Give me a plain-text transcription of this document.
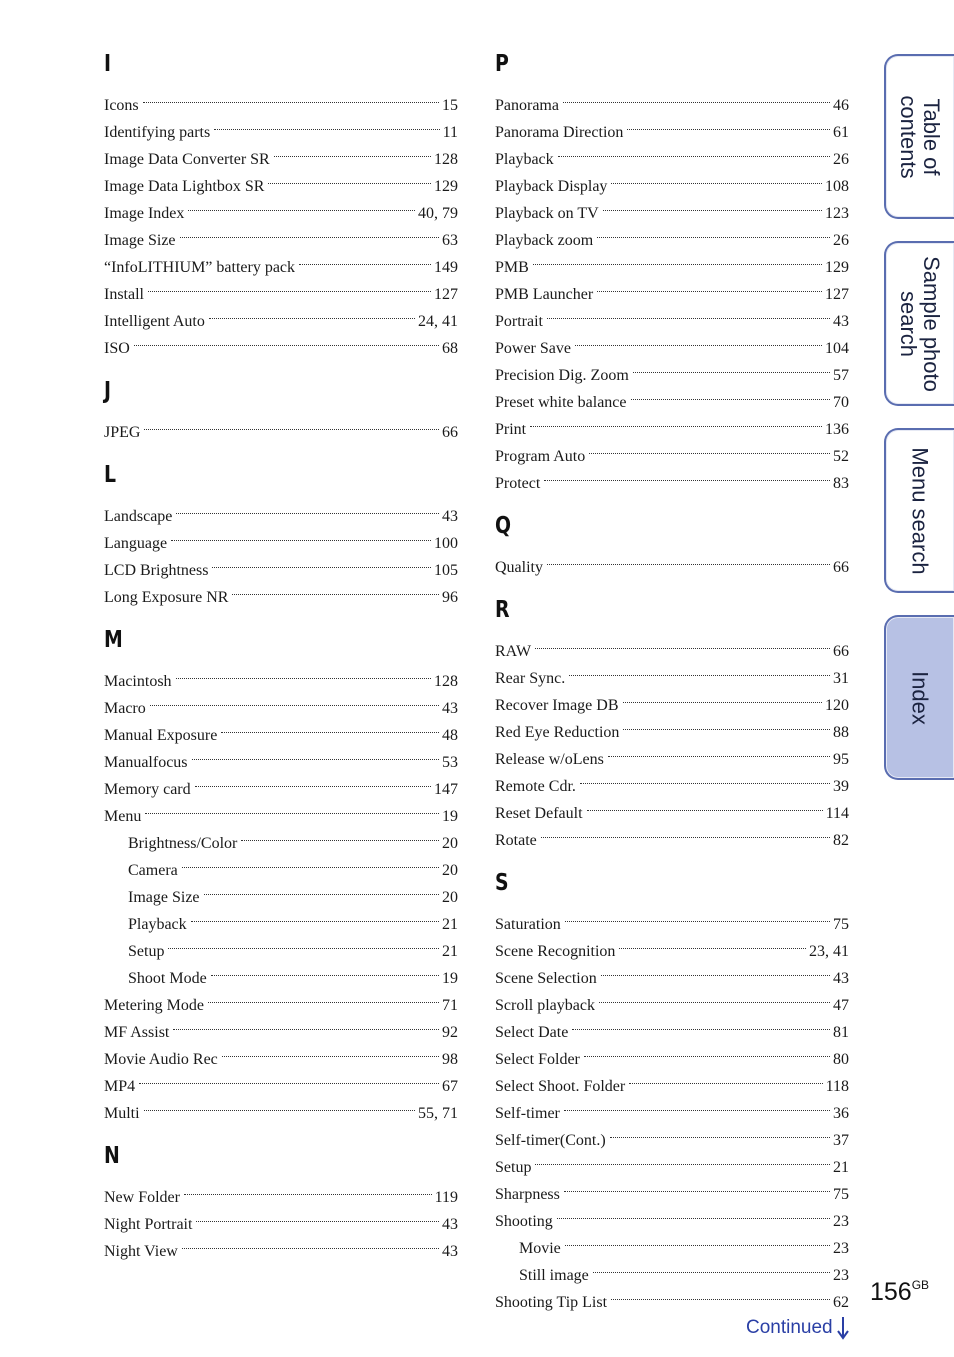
I
Icons	15
Identifying parts	11
Image Data Converter SR	128
Image Data Lightbox SR	129
Image Index	40, 79
Image Size	63
“InfoLITHIUM” battery pack	149
Install	127
Intelligent Auto	24, 41
ISO	68
J
JPEG	66
L
Landscape	43
Language	100
LCD Brightness	105
Long Exposure NR	96
M
Macintosh	128
Macro	43
Manual Exposure	48
Manualfocus	53
Memory card	147
Menu	19
Brightness/Color	20
Camera	20
Image Size	20
Playback	21
Setup	21
Shoot Mode	19
Metering Mode	71
MF Assist	92
Movie Audio Rec	98
MP4	67
Multi	55, 71
N
New Folder	119
Night Portrait	43
Night View	43
P
Panorama	46
Panorama Direction	61
Playback	26
Playback Display	108
Playback on TV	123
Playback zoom	26
PMB	129
PMB Launcher	127
Portrait	43
Power Save	104
Precision Dig. Zoom	57
Preset white balance	70
Print	136
Program Auto	52
Protect	83
Q
Quality	66
R
RAW	66
Rear Sync.	31
Recover Image DB	120
Red Eye Reduction	88
Release w/oLens	95
Remote Cdr.	39
Reset Default	114
Rotate	82
S
Saturation	75
Scene Recognition	23, 41
Scene Selection	43
Scroll playback	47
Select Date	81
Select Folder	80
Select Shoot. Folder	118
Self-timer	36
Self-timer(Cont.)	37
Setup	21
Sharpness	75
Shooting	23
Movie	23
Still image	23
Shooting Tip List	62
Table of
contents
Sample photo
search
Menu search
Index
$156^{GB}$
Continued
